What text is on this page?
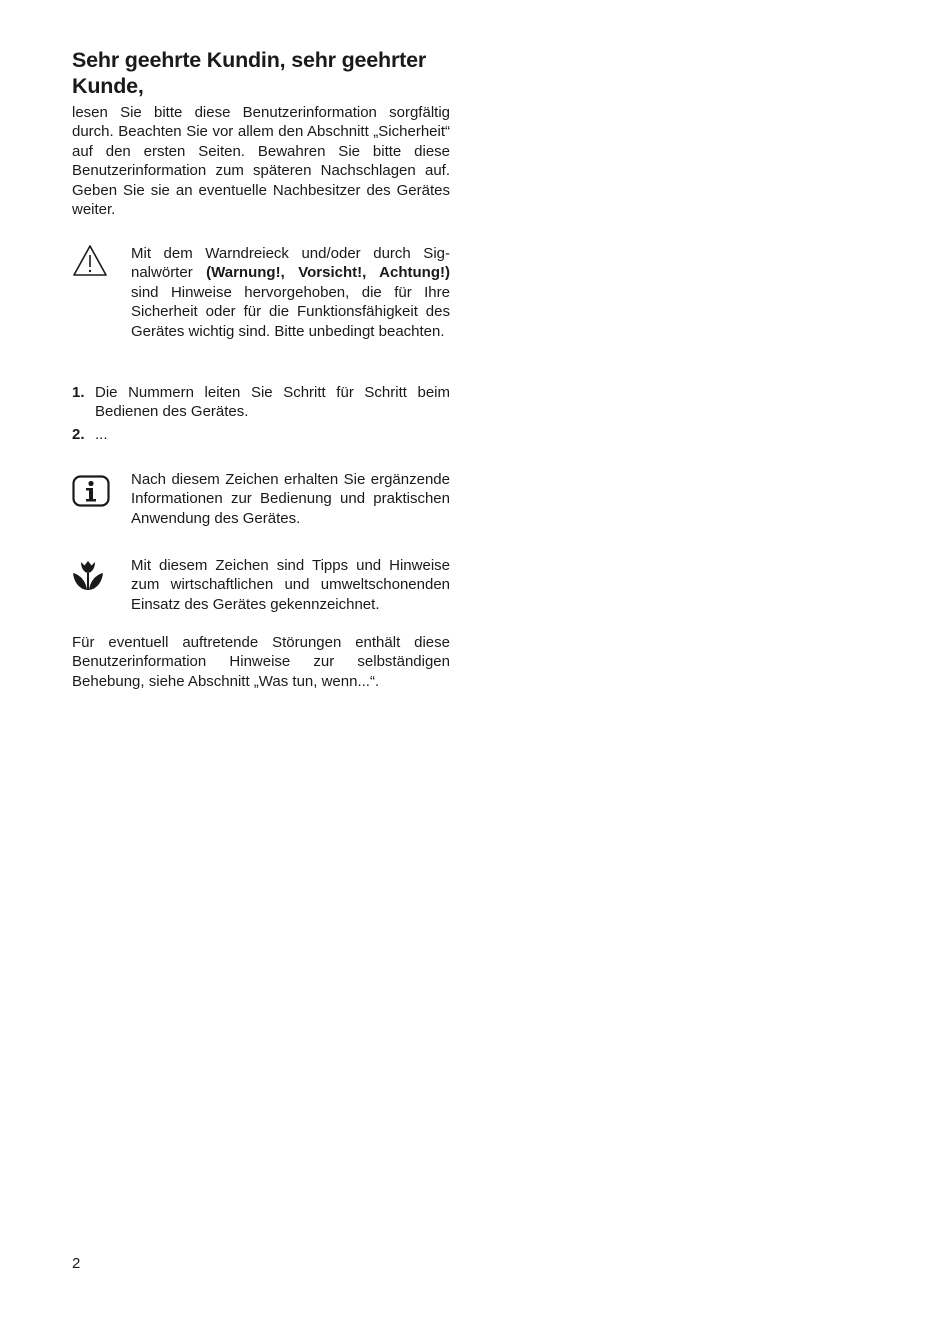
Sehr geehrte Kundin, sehr geehrter
Kunde,

lesen Sie bitte diese Benutzerinformation sorgfältig durch. Beachten Sie vor allem den Abschnitt „Sicherheit“ auf den ersten Seiten. Bewahren Sie bitte diese Benutzerinformation zum späteren Nachschlagen auf. Geben Sie sie an eventuelle Nachbesitzer des Gerätes weiter.

Mit dem Warndreieck und/oder durch Signalwörter (Warnung!, Vorsicht!, Achtung!) sind Hinweise hervorgehoben, die für Ihre Sicherheit oder für die Funktionsfähigkeit des Gerätes wichtig sind. Bitte unbedingt beachten.

1. Die Nummern leiten Sie Schritt für Schritt beim Bedienen des Gerätes.
2. ...

Nach diesem Zeichen erhalten Sie ergänzende Informationen zur Bedienung und praktischen Anwendung des Gerätes.

Mit diesem Zeichen sind Tipps und Hinweise zum wirtschaftlichen und umweltschonenden Einsatz des Gerätes gekennzeichnet.

Für eventuell auftretende Störungen enthält diese Benutzerinformation Hinweise zur selbständigen Behebung, siehe Abschnitt „Was tun, wenn...“.

2
